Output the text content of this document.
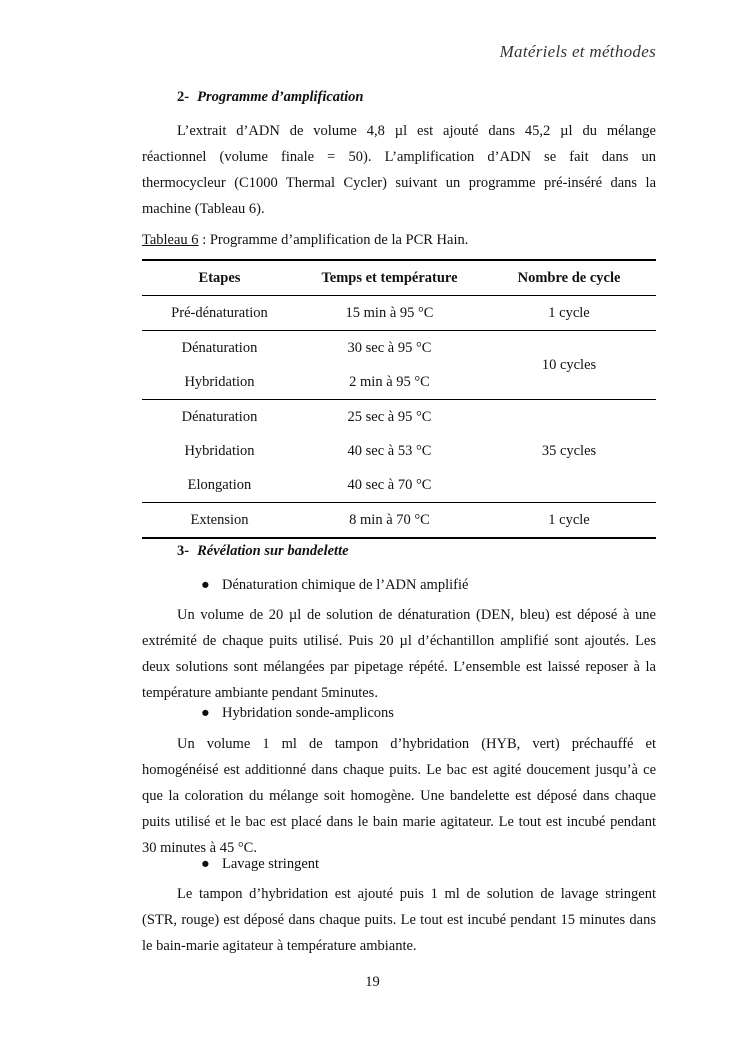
Matériels et méthodes
2- Programme d’amplification
L’extrait d’ADN de volume 4,8 µl est ajouté dans 45,2 µl du mélange
réactionnel (volume finale = 50). L’amplification d’ADN se fait dans un
thermocycleur (C1000 Thermal Cycler) suivant un programme pré-inséré dans la
machine (Tableau 6).
Tableau 6 : Programme d’amplification de la PCR Hain.
Etapes	Temps et température	Nombre de cycle
Pré-dénaturation	15 min à 95 °C	1 cycle
Dénaturation	30 sec à 95 °C	10 cycles
Hybridation	2 min à 95 °C	
Dénaturation	25 sec à 95 °C	35 cycles
Hybridation	40 sec à 53 °C	
Elongation	40 sec à 70 °C	
Extension	8 min à 70 °C	1 cycle
3- Révélation sur bandelette
● Dénaturation chimique de l’ADN amplifié
Un volume de 20 µl de solution de dénaturation (DEN, bleu) est déposé à une
extrémité de chaque puits utilisé. Puis 20 µl d’échantillon amplifié sont ajoutés. Les
deux solutions sont mélangées par pipetage répété. L’ensemble est laissé reposer à la
température ambiante pendant 5minutes.
● Hybridation sonde-amplicons
Un volume 1 ml de tampon d’hybridation (HYB, vert) préchauffé et
homogénéisé est additionné dans chaque puits. Le bac est agité doucement jusqu’à ce
que la coloration du mélange soit homogène. Une bandelette est déposé dans chaque
puits utilisé et le bac est placé dans le bain marie agitateur. Le tout est incubé pendant
30 minutes à 45 °C.
● Lavage stringent
Le tampon d’hybridation est ajouté puis 1 ml de solution de lavage stringent
(STR, rouge) est déposé dans chaque puits. Le tout est incubé pendant 15 minutes dans
le bain-marie agitateur à température ambiante.
19
